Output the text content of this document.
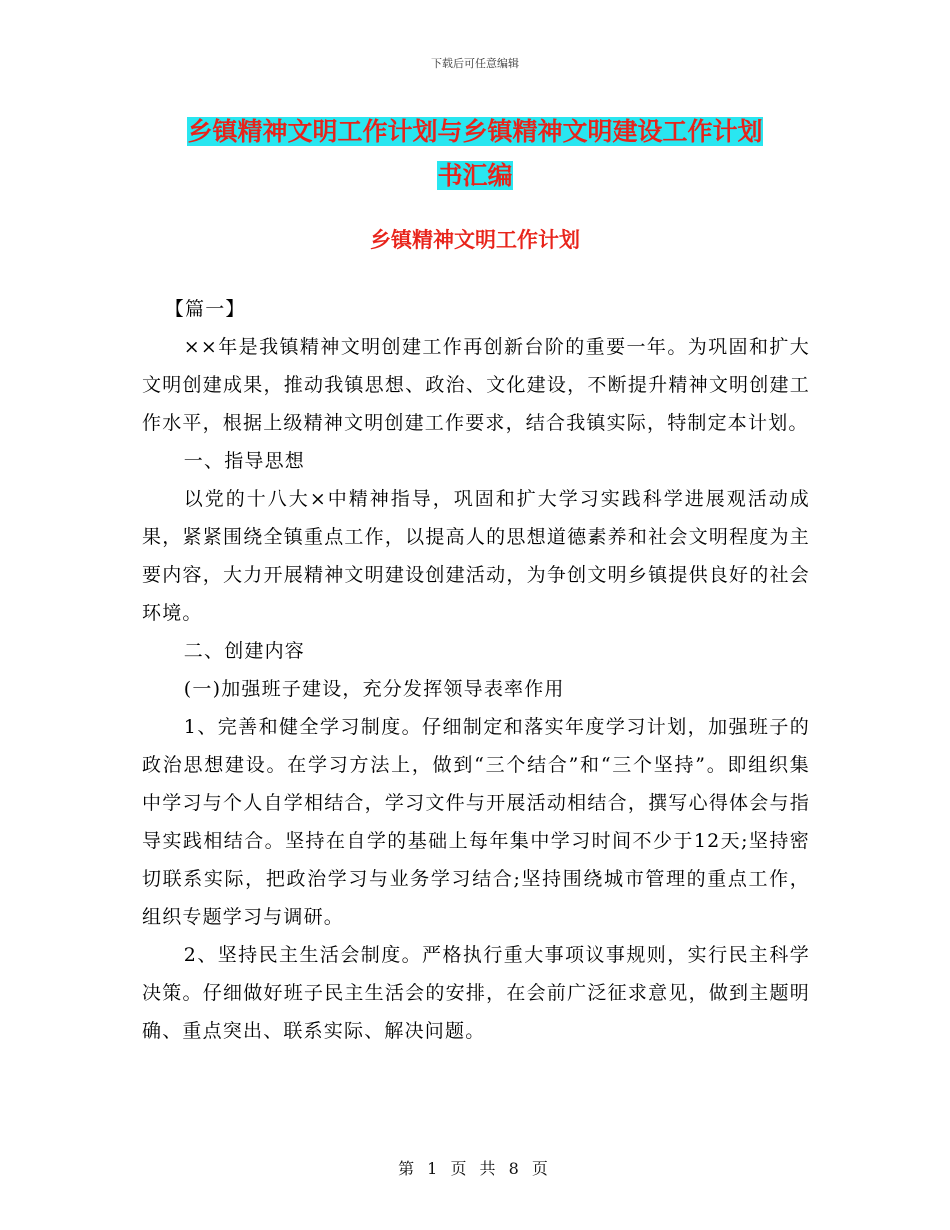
下载后可任意编辑
乡镇精神文明工作计划与乡镇精神文明建设工作计划
书汇编
乡镇精神文明工作计划

【篇一】

××年是我镇精神文明创建工作再创新台阶的重要一年。为巩固和扩大文明创建成果，推动我镇思想、政治、文化建设，不断提升精神文明创建工作水平，根据上级精神文明创建工作要求，结合我镇实际，特制定本计划。

一、指导思想

以党的十八大×中精神指导，巩固和扩大学习实践科学进展观活动成果，紧紧围绕全镇重点工作，以提高人的思想道德素养和社会文明程度为主要内容，大力开展精神文明建设创建活动，为争创文明乡镇提供良好的社会环境。

二、创建内容

(一)加强班子建设，充分发挥领导表率作用

1、完善和健全学习制度。仔细制定和落实年度学习计划，加强班子的政治思想建设。在学习方法上，做到“三个结合”和“三个坚持”。即组织集中学习与个人自学相结合，学习文件与开展活动相结合，撰写心得体会与指导实践相结合。坚持在自学的基础上每年集中学习时间不少于12天;坚持密切联系实际，把政治学习与业务学习结合;坚持围绕城市管理的重点工作，组织专题学习与调研。

2、坚持民主生活会制度。严格执行重大事项议事规则，实行民主科学决策。仔细做好班子民主生活会的安排，在会前广泛征求意见，做到主题明确、重点突出、联系实际、解决问题。

第 1 页 共 8 页
